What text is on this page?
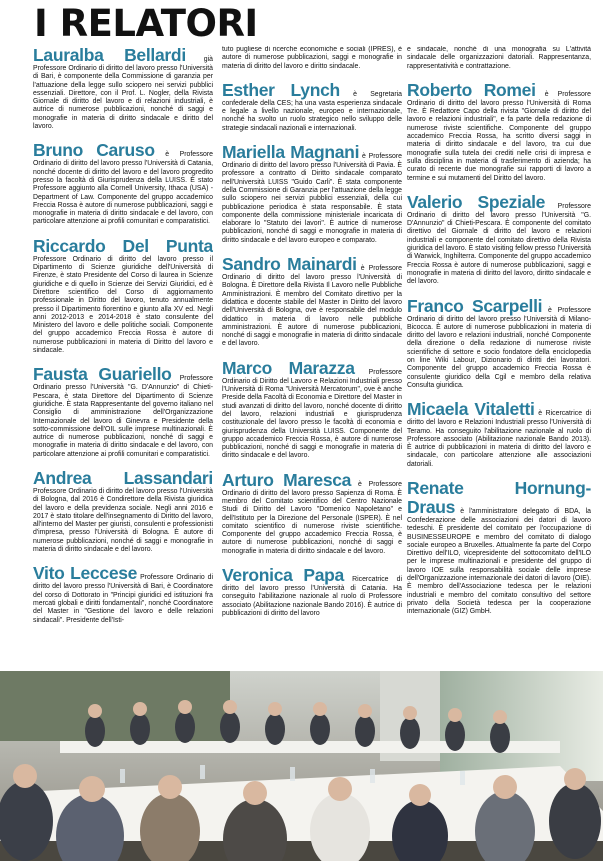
I RELATORI

Lauralba Bellardi	già Professore Ordinario di diritto del lavoro presso l'Università di Bari, è componente della Commissione di garanzia per l'attuazione della legge sullo sciopero nei servizi pubblici essenziali. Direttore, con il Prof. L. Nogler, della Rivista Giornale di diritto del lavoro e di relazioni industriali, è autrice di numerose pubblicazioni, nonché di saggi e monografie in materia di diritto sindacale e diritto del lavoro.

Bruno Caruso è Professore Ordinario di diritto del lavoro presso l'Università di Catania, nonché docente di diritto del lavoro e del lavoro progredito presso la facoltà di Giurisprudenza della LUISS. È stato Professore aggiunto alla Cornell University, Ithaca (USA) - Department of Law. Componente del gruppo accademico Freccia Rossa è autore di numerose pubblicazioni, saggi e monografie in materia di diritto sindacale e del lavoro, con particolare attenzione ai profili comunitari e comparatistici.

Riccardo Del Punta Professore Ordinario di diritto del lavoro presso il Dipartimento di Scienze giuridiche dell'Università di Firenze, è stato Presidente del Corso di laurea in Scienze giuridiche e di quello in Scienze dei Servizi Giuridici, ed è Direttore scientifico del Corso di aggiornamento professionale in Diritto del lavoro, tenuto annualmente presso il Dipartimento fiorentino e giunto alla XV ed. Negli anni 2012-2013 e 2014-2018 è stato consulente del Ministero del lavoro e delle politiche sociali. Componente del gruppo accademico Freccia Rossa è autore di numerose pubblicazioni in materia di Diritto del lavoro e sindacale.

Fausta Guariello Professore Ordinario presso l'Università "G. D'Annunzio" di Chieti-Pescara, è stata Direttore del Dipartimento di Scienze giuridiche. È stata Rappresentante del governo italiano nel Consiglio di amministrazione dell'Organizzazione Internazionale del lavoro di Ginevra e Presidente della sotto-commissione dell'OIL sulle imprese multinazionali. È autrice di numerose pubblicazioni, nonché di saggi e monografie in materia di diritto sindacale e del lavoro, con particolare attenzione ai profili comunitari e comparatistici.

Andrea Lassandari Professore Ordinario di diritto del lavoro presso l'Università di Bologna, dal 2016 è Condirettore della Rivista giuridica del lavoro e della previdenza sociale. Negli anni 2016 e 2017 è stato titolare dell'insegnamento di Diritto del lavoro, all'interno del Master per giuristi, consulenti e professionisti d'impresa, presso l'Università di Bologna. È autore di numerose pubblicazioni, nonché di saggi e monografie in materia di diritto sindacale e del lavoro.

Vito Leccese Professore Ordinario di diritto del lavoro presso l'Università di Bari, è Coordinatore del corso di Dottorato in "Principi giuridici ed istituzioni fra mercati globali e diritti fondamentali", nonché Coordinatore del Master in "Gestione del lavoro e delle relazioni sindacali". Presidente dell'Isti-

tuto pugliese di ricerche economiche e sociali (IPRES), è autore di numerose pubblicazioni, saggi e monografie in materia di diritto del lavoro e diritto sindacale.

Esther Lynch è Segretaria confederale della CES; ha una vasta esperienza sindacale e legale a livello nazionale, europeo e internazionale, nonché ha svolto un ruolo strategico nello sviluppo delle strategie sindacali nazionali e internazionali.

Mariella Magnani è Professore Ordinario di diritto del lavoro presso l'Università di Pavia. È professore a contratto di Diritto sindacale comparato nell'Università LUISS "Guido Carli". È stata componente della Commissione di Garanzia per l'attuazione della legge sullo sciopero nei servizi pubblici essenziali, della cui pubblicazione periodica è stata responsabile. È stata componente della commissione ministeriale incaricata di elaborare lo "Statuto dei lavori". È autrice di numerose pubblicazioni, nonché di saggi e monografie in materia di diritto sindacale e del lavoro europeo e comparato.

Sandro Mainardi è Professore Ordinario di diritto del lavoro presso l'Università di Bologna. È Direttore della Rivista Il Lavoro nelle Pubbliche Amministrazioni. È membro del Comitato direttivo per la didattica e docente stabile del Master in Diritto del lavoro dell'Università di Bologna, ove è responsabile del modulo didattico in materia di lavoro nelle pubbliche amministrazioni. È autore di numerose pubblicazioni, nonché di saggi e monografie in materia di diritto sindacale e del lavoro.

Marco Marazza Professore Ordinario di Diritto del Lavoro e Relazioni Industriali presso l'Università di Roma "Università Mercatorum", ove è anche Preside della Facoltà di Economia e Direttore del Master in studi avanzati di diritto del lavoro, nonché docente di diritto del lavoro, relazioni industriali e giurisprudenza costituzionale del lavoro presso le facoltà di economia e giurisprudenza della Università LUISS. Componente del gruppo accademico Freccia Rossa, è autore di numerose pubblicazioni, nonché di saggi e monografie in materia di diritto sindacale e del lavoro.

Arturo Maresca è Professore Ordinario di diritto del lavoro presso Sapienza di Roma. È membro del Comitato scientifico del Centro Nazionale Studi di Diritto del Lavoro "Domenico Napoletano" e dell'Istituto per la Direzione del Personale (ISPER). È nel comitato scientifico di numerose riviste scientifiche. Componente del gruppo accademico Freccia Rossa, è autore di numerose pubblicazioni, nonché di saggi e monografie in materia di diritto sindacale e del lavoro.

Veronica Papa Ricercatrice di diritto del lavoro presso l'Università di Catania. Ha conseguito l'abilitazione nazionale al ruolo di Professore associato (Abilitazione nazionale Bando 2016). È autrice di pubblicazioni di diritto del lavoro

e sindacale, nonché di una monografia su L'attività sindacale delle organizzazioni datoriali. Rappresentanza, rappresentatività e contrattazione.

Roberto Romei è Professore Ordinario di diritto del lavoro presso l'Università di Roma Tre. È Redattore Capo della rivista "Giornale di diritto del lavoro e relazioni industriali", e fa parte della redazione di numerose riviste scientifiche. Componente del gruppo accademico Freccia Rossa, ha scritto diversi saggi in materia di diritto sindacale e del lavoro, tra cui due monografie sulla tutela dei crediti nelle crisi di impresa e sulla disciplina in materia di trasferimento di azienda; ha curato di recente due monografie sui rapporti di lavoro a termine e sui mutamenti del Diritto del lavoro.

Valerio Speziale Professore Ordinario di diritto del lavoro presso l'Università "G. D'Annunzio" di Chieti-Pescara. È componente del comitato direttivo del Giornale di diritto del lavoro e relazioni industriali e componente del comitato direttivo della Rivista giuridica del lavoro. È stato visiting fellow presso l'Università di Warwick, Inghilterra. Componente del gruppo accademico Freccia Rossa è autore di numerose pubblicazioni, saggi e monografie in materia di diritto del lavoro, diritto sindacale e del lavoro.

Franco Scarpelli è Professore Ordinario di diritto del lavoro presso l'Università di Milano-Bicocca. È autore di numerose pubblicazioni in materia di diritto del lavoro e relazioni industriali, nonché Componente della direzione o della redazione di numerose riviste scientifiche di settore e socio fondatore della enciclopedia on line Wiki Labour, Dizionario di diritti dei lavoratori. Componente del gruppo accademico Freccia Rossa è consulente giuridico della Cgil e membro della relativa Consulta giuridica.

Micaela Vitaletti è Ricercatrice di diritto del lavoro e Relazioni Industriali presso l'Università di Teramo. Ha conseguito l'abilitazione nazionale al ruolo di Professore associato (Abilitazione nazionale Bando 2013). È autrice di pubblicazioni in materia di diritto del lavoro e sindacale, con particolare attenzione alle associazioni datoriali.

Renate Hornung-Draus è l'amministratore delegato di BDA, la Confederazione delle associazioni dei datori di lavoro tedeschi. È presidente del comitato per l'occupazione di BUSINESSEUROPE e membro del comitato di dialogo sociale europeo a Bruxelles. Attualmente fa parte del Corpo Direttivo dell'ILO, vicepresidente del sottocomitato dell'ILO per le imprese multinazionali e presidente del gruppo di lavoro IOE sulla responsabilità sociale delle imprese dell'Organizzazione internazionale dei datori di lavoro (OIE). È membro dell'Associazione tedesca per le relazioni industriali e membro del comitato consultivo del settore privato della Società tedesca per la cooperazione internazionale (GIZ) GmbH.
